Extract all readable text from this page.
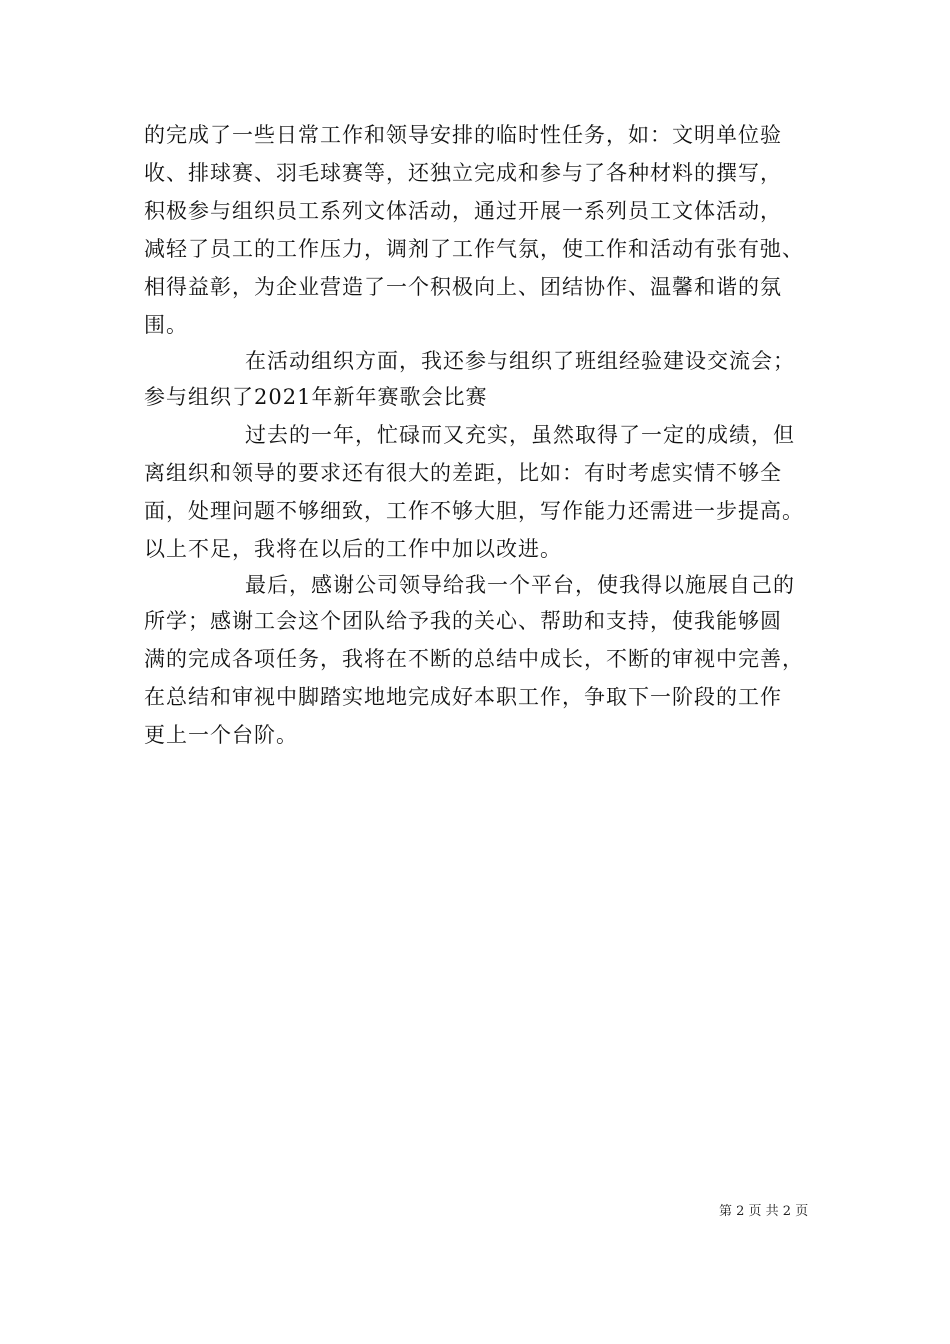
的完成了一些日常工作和领导安排的临时性任务，如：文明单位验
收、排球赛、羽毛球赛等，还独立完成和参与了各种材料的撰写，
积极参与组织员工系列文体活动，通过开展一系列员工文体活动，
减轻了员工的工作压力，调剂了工作气氛，使工作和活动有张有弛、
相得益彰，为企业营造了一个积极向上、团结协作、温馨和谐的氛
围。
在活动组织方面，我还参与组织了班组经验建设交流会；
参与组织了2021年新年赛歌会比赛
过去的一年，忙碌而又充实，虽然取得了一定的成绩，但
离组织和领导的要求还有很大的差距，比如：有时考虑实情不够全
面，处理问题不够细致，工作不够大胆，写作能力还需进一步提高。
以上不足，我将在以后的工作中加以改进。
最后，感谢公司领导给我一个平台，使我得以施展自己的
所学；感谢工会这个团队给予我的关心、帮助和支持，使我能够圆
满的完成各项任务，我将在不断的总结中成长，不断的审视中完善，
在总结和审视中脚踏实地地完成好本职工作，争取下一阶段的工作
更上一个台阶。
第 2 页 共 2 页
